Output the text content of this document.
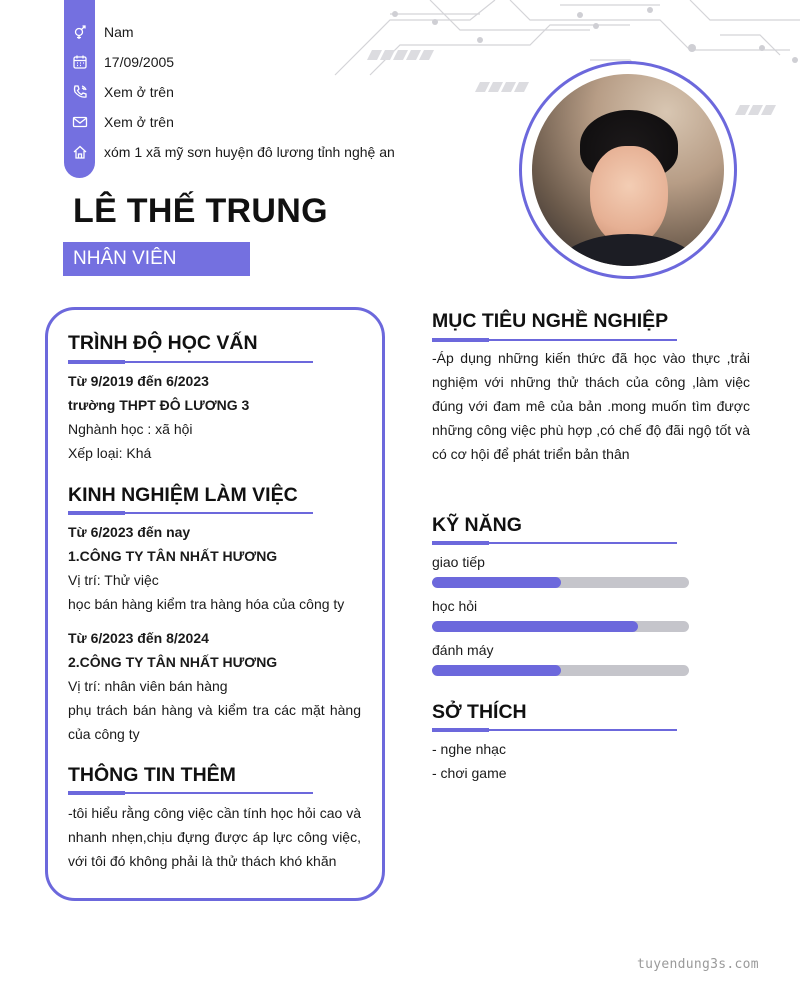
Nam
17/09/2005
Xem ở trên
Xem ở trên
xóm 1 xã mỹ sơn huyện đô lương tỉnh nghệ an
LÊ THẾ TRUNG
NHÂN VIÊN
TRÌNH ĐỘ HỌC VẤN

Từ 9/2019 đến 6/2023

trường THPT ĐÔ LƯƠNG 3

Nghành học : xã hội

Xếp loại: Khá

KINH NGHIỆM LÀM VIỆC

Từ 6/2023 đến nay

1.CÔNG TY TÂN NHẤT HƯƠNG

Vị trí: Thử việc

học bán hàng kiểm tra hàng hóa của công ty

Từ 6/2023 đến 8/2024

2.CÔNG TY TÂN NHẤT HƯƠNG

Vị trí: nhân viên bán hàng

phụ trách bán hàng và kiểm tra các mặt hàng của công ty

THÔNG TIN THÊM

-tôi hiểu rằng công việc cần tính học hỏi cao và nhanh nhẹn,chịu đựng được áp lực công việc, với tôi đó không phải là thử thách khó khăn

MỤC TIÊU NGHỀ NGHIỆP

-Áp dụng những kiến thức đã học vào thực ,trải nghiệm với những thử thách của công ,làm việc đúng với đam mê của bản .mong muốn tìm được những công việc phù hợp ,có chế độ đãi ngộ tốt và có cơ hội để phát triển bản thân

KỸ NĂNG

giao tiếp

học hỏi

đánh máy

SỞ THÍCH

- nghe nhạc

- chơi game

tuyendung3s.com
